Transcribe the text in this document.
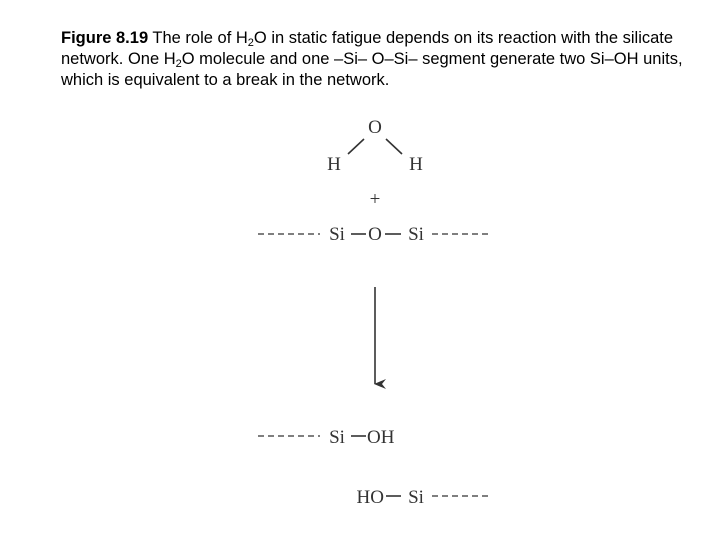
Figure 8.19 The role of $H_2O$ in static fatigue depends on its reaction with the silicate network. One $H_2O$ molecule and one –Si– O–Si– segment generate two Si–OH units, which is equivalent to a break in the network.

O
H	H
+
Si O Si
Si OH
HO Si
